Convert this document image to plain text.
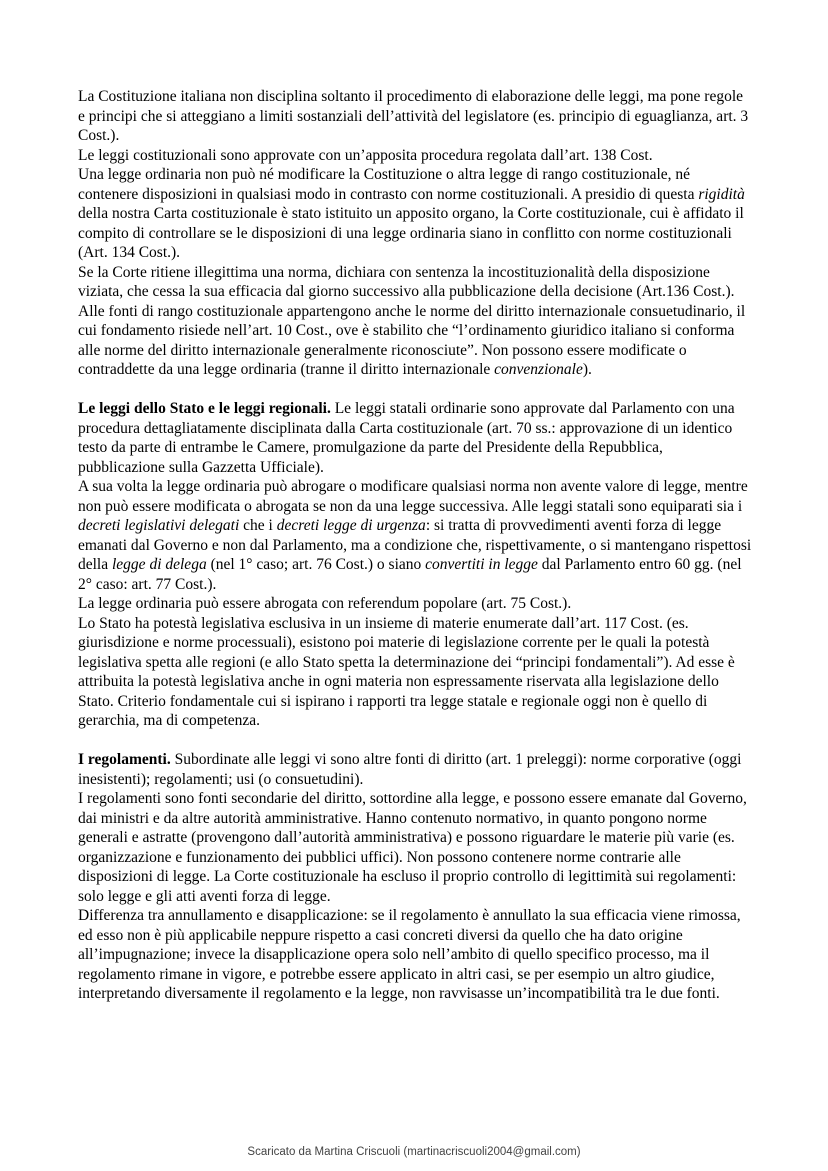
La Costituzione italiana non disciplina soltanto il procedimento di elaborazione delle leggi, ma pone regole e principi che si atteggiano a limiti sostanziali dell’attività del legislatore (es. principio di eguaglianza, art. 3 Cost.).

Le leggi costituzionali sono approvate con un’apposita procedura regolata dall’art. 138 Cost.

Una legge ordinaria non può né modificare la Costituzione o altra legge di rango costituzionale, né contenere disposizioni in qualsiasi modo in contrasto con norme costituzionali. A presidio di questa rigidità della nostra Carta costituzionale è stato istituito un apposito organo, la Corte costituzionale, cui è affidato il compito di controllare se le disposizioni di una legge ordinaria siano in conflitto con norme costituzionali (Art. 134 Cost.).

Se la Corte ritiene illegittima una norma, dichiara con sentenza la incostituzionalità della disposizione viziata, che cessa la sua efficacia dal giorno successivo alla pubblicazione della decisione (Art.136 Cost.).

Alle fonti di rango costituzionale appartengono anche le norme del diritto internazionale consuetudinario, il cui fondamento risiede nell’art. 10 Cost., ove è stabilito che “l’ordinamento giuridico italiano si conforma alle norme del diritto internazionale generalmente riconosciute”. Non possono essere modificate o contraddette da una legge ordinaria (tranne il diritto internazionale convenzionale).

Le leggi dello Stato e le leggi regionali. Le leggi statali ordinarie sono approvate dal Parlamento con una procedura dettagliatamente disciplinata dalla Carta costituzionale (art. 70 ss.: approvazione di un identico testo da parte di entrambe le Camere, promulgazione da parte del Presidente della Repubblica, pubblicazione sulla Gazzetta Ufficiale).

A sua volta la legge ordinaria può abrogare o modificare qualsiasi norma non avente valore di legge, mentre non può essere modificata o abrogata se non da una legge successiva. Alle leggi statali sono equiparati sia i decreti legislativi delegati che i decreti legge di urgenza: si tratta di provvedimenti aventi forza di legge emanati dal Governo e non dal Parlamento, ma a condizione che, rispettivamente, o si mantengano rispettosi della legge di delega (nel 1° caso; art. 76 Cost.) o siano convertiti in legge dal Parlamento entro 60 gg. (nel 2° caso: art. 77 Cost.).

La legge ordinaria può essere abrogata con referendum popolare (art. 75 Cost.).

Lo Stato ha potestà legislativa esclusiva in un insieme di materie enumerate dall’art. 117 Cost. (es. giurisdizione e norme processuali), esistono poi materie di legislazione corrente per le quali la potestà legislativa spetta alle regioni (e allo Stato spetta la determinazione dei “principi fondamentali”). Ad esse è attribuita la potestà legislativa anche in ogni materia non espressamente riservata alla legislazione dello Stato. Criterio fondamentale cui si ispirano i rapporti tra legge statale e regionale oggi non è quello di gerarchia, ma di competenza.

I regolamenti. Subordinate alle leggi vi sono altre fonti di diritto (art. 1 preleggi): norme corporative (oggi inesistenti); regolamenti; usi (o consuetudini).

I regolamenti sono fonti secondarie del diritto, sottordine alla legge, e possono essere emanate dal Governo, dai ministri e da altre autorità amministrative. Hanno contenuto normativo, in quanto pongono norme generali e astratte (provengono dall’autorità amministrativa) e possono riguardare le materie più varie (es. organizzazione e funzionamento dei pubblici uffici). Non possono contenere norme contrarie alle disposizioni di legge. La Corte costituzionale ha escluso il proprio controllo di legittimità sui regolamenti: solo legge e gli atti aventi forza di legge.

Differenza tra annullamento e disapplicazione: se il regolamento è annullato la sua efficacia viene rimossa, ed esso non è più applicabile neppure rispetto a casi concreti diversi da quello che ha dato origine all’impugnazione; invece la disapplicazione opera solo nell’ambito di quello specifico processo, ma il regolamento rimane in vigore, e potrebbe essere applicato in altri casi, se per esempio un altro giudice, interpretando diversamente il regolamento e la legge, non ravvisasse un’incompatibilità tra le due fonti.

Scaricato da Martina Criscuoli (martinacriscuoli2004@gmail.com)
